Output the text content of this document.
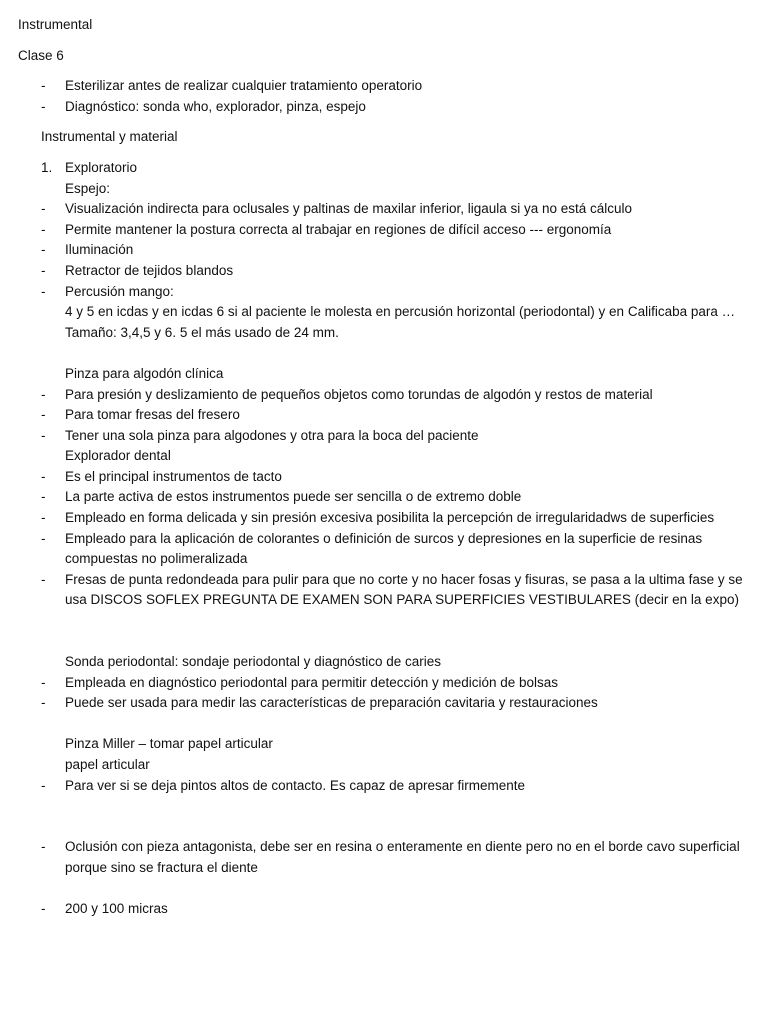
Instrumental
Clase 6
- Esterilizar antes de realizar cualquier tratamiento operatorio
- Diagnóstico: sonda who, explorador, pinza, espejo
Instrumental y material
1. Exploratorio
Espejo:
- Visualización indirecta para oclusales y paltinas de maxilar inferior, ligaula si ya no está cálculo
- Permite mantener la postura correcta al trabajar en regiones de difícil acceso --- ergonomía
- Iluminación
- Retractor de tejidos blandos
- Percusión mango:
4 y 5 en icdas y en icdas 6 si al paciente le molesta en percusión horizontal (periodontal) y en Calificaba para …
Tamaño: 3,4,5 y 6. 5 el más usado de 24 mm.
Pinza para algodón clínica
- Para presión y deslizamiento de pequeños objetos como torundas de algodón y restos de material
- Para tomar fresas del fresero
- Tener una sola pinza para algodones y otra para la boca del paciente
Explorador dental
- Es el principal instrumentos de tacto
- La parte activa de estos instrumentos puede ser sencilla o de extremo doble
- Empleado en forma delicada y sin presión excesiva posibilita la percepción de irregularidadws de superficies
- Empleado para la aplicación de colorantes o definición de surcos y depresiones en la superficie de resinas compuestas no polimeralizada
- Fresas de punta redondeada para pulir para que no corte y no hacer fosas y fisuras, se pasa a la ultima fase y se usa DISCOS SOFLEX PREGUNTA DE EXAMEN SON PARA SUPERFICIES VESTIBULARES (decir en la expo)
Sonda periodontal: sondaje periodontal y diagnóstico de caries
- Empleada en diagnóstico periodontal para permitir detección y medición de bolsas
- Puede ser usada para medir las características de preparación cavitaria y restauraciones
Pinza Miller – tomar papel articular
papel articular
- Para ver si se deja pintos altos de contacto. Es capaz de apresar firmemente
- Oclusión con pieza antagonista, debe ser en resina o enteramente en diente pero no en el borde cavo superficial porque sino se fractura el diente
- 200 y 100 micras
